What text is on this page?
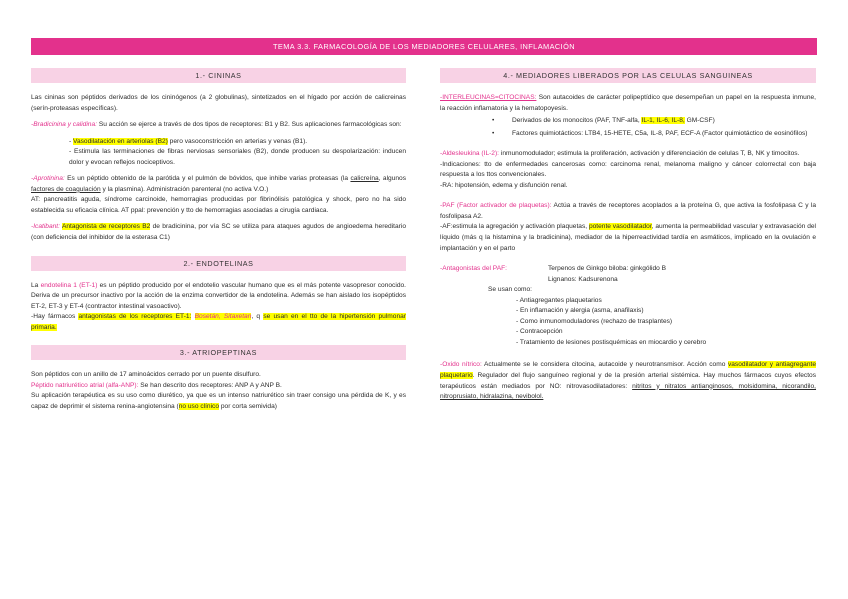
TEMA 3.3. FARMACOLOGÍA DE LOS MEDIADORES CELULARES, INFLAMACIÓN
1.- CININAS

Las cininas son péptidos derivados de los cininógenos (a 2 globulinas), sintetizados en el hígado por acción de calicreinas (serín-proteasas específicas).

-Bradicinina y calidina: Su acción se ejerce a través de dos tipos de receptores: B1 y B2. Sus aplicaciones farmacológicas son:

- Vasodilatación en arteriolas (B2) pero vasoconstricción en arterias y venas (B1).

- Estimula las terminaciones de fibras nerviosas sensoriales (B2), donde producen su despolarización: inducen dolor y evocan reflejos nociceptivos.

-Aprotinina: Es un péptido obtenido de la parótida y el pulmón de bóvidos, que inhibe varias proteasas (la calicreína, algunos factores de coagulación y la plasmina). Administración parenteral (no activa V.O.)

AT: pancreatitis aguda, síndrome carcinoide, hemorragias producidas por fibrinólisis patológica y shock, pero no ha sido establecida su eficacia clínica. AT ppal: prevención y tto de hemorragias asociadas a cirugía cardiaca.

-Icatibant: Antagonista de receptores B2 de bradicinina, por vía SC se utiliza para ataques agudos de angioedema hereditario (con deficiencia del inhibidor de la esterasa C1)

2.- ENDOTELINAS

La endotelina 1 (ET-1) es un péptido producido por el endotelio vascular humano que es el más potente vasopresor conocido. Deriva de un precursor inactivo por la acción de la enzima convertidor de la endotelina. Además se han aislado los isopéptidos ET-2, ET-3 y ET-4 (contractor intestinal vasoactivo).

-Hay fármacos antagonistas de los receptores ET-1: Bosetán, Sitaxetan, q se usan en el tto de la hipertensión pulmonar primaria.

3.- ATRIOPEPTINAS

Son péptidos con un anillo de 17 aminoácidos cerrado por un puente disulfuro.

Péptido natriurético atrial (alfa-ANP): Se han descrito dos receptores: ANP A y ANP B.

Su aplicación terapéutica es su uso como diurético, ya que es un intenso natriurético sin traer consigo una pérdida de K, y es capaz de deprimir el sistema renina-angiotensina (no uso clínico por corta semivida)

4.- MEDIADORES LIBERADOS POR LAS CELULAS SANGUINEAS

-INTERLEUCINAS=CITOCINAS: Son autacoides de carácter polipeptídico que desempeñan un papel en la respuesta inmune, la reacción inflamatoria y la hematopoyesis.

• Derivados de los monocitos (PAF, TNF-alfa, IL-1, IL-6, IL-8, GM-CSF)

• Factores quimiotácticos: LTB4, 15-HETE, C5a, IL-8, PAF, ECF-A (Factor quimiotáctico de eosinófilos)

-Aldesleukina (IL-2): inmunomodulador; estimula la proliferación, activación y diferenciación de celulas T, B, NK y timocitos.

-Indicaciones: tto de enfermedades cancerosas como: carcinoma renal, melanoma maligno y cáncer colorrectal con baja respuesta a los ttos convencionales.

-RA: hipotensión, edema y disfunción renal.

-PAF (Factor activador de plaquetas): Actúa a través de receptores acoplados a la proteína G, que activa la fosfolipasa C y la fosfolipasa A2.

-AF:estimula la agregación y activación plaquetas, potente vasodilatador, aumenta la permeabilidad vascular y extravasación del líquido (más q la histamina y la bradicinina), mediador de la hiperreactividad tardía en asmáticos, implicado en la ovulación e implantación y en el parto

-Antagonistas del PAF:	Terpenos de Ginkgo biloba: ginkgólido B
Lignanos: Kadsurenona

Se usan como:

- Antiagregantes plaquetarios

- En inflamación y alergia (asma, anafilaxis)

- Como inmunomoduladores (rechazo de trasplantes)

- Contracepción

- Tratamiento de lesiones postisquémicas en miocardio y cerebro

-Oxido nítrico: Actualmente se le considera citocina, autacoide y neurotransmisor. Acción como vasodilatador y antiagregante plaquetario. Regulador del flujo sanguíneo regional y de la presión arterial sistémica. Hay muchos fármacos cuyos efectos terapéuticos están mediados por NO: nitrovasodilatadores: nitritos y nitratos antianginosos, molsidomina, nicorandilo, nitroprusiato, hidralazina, nevibolol.
